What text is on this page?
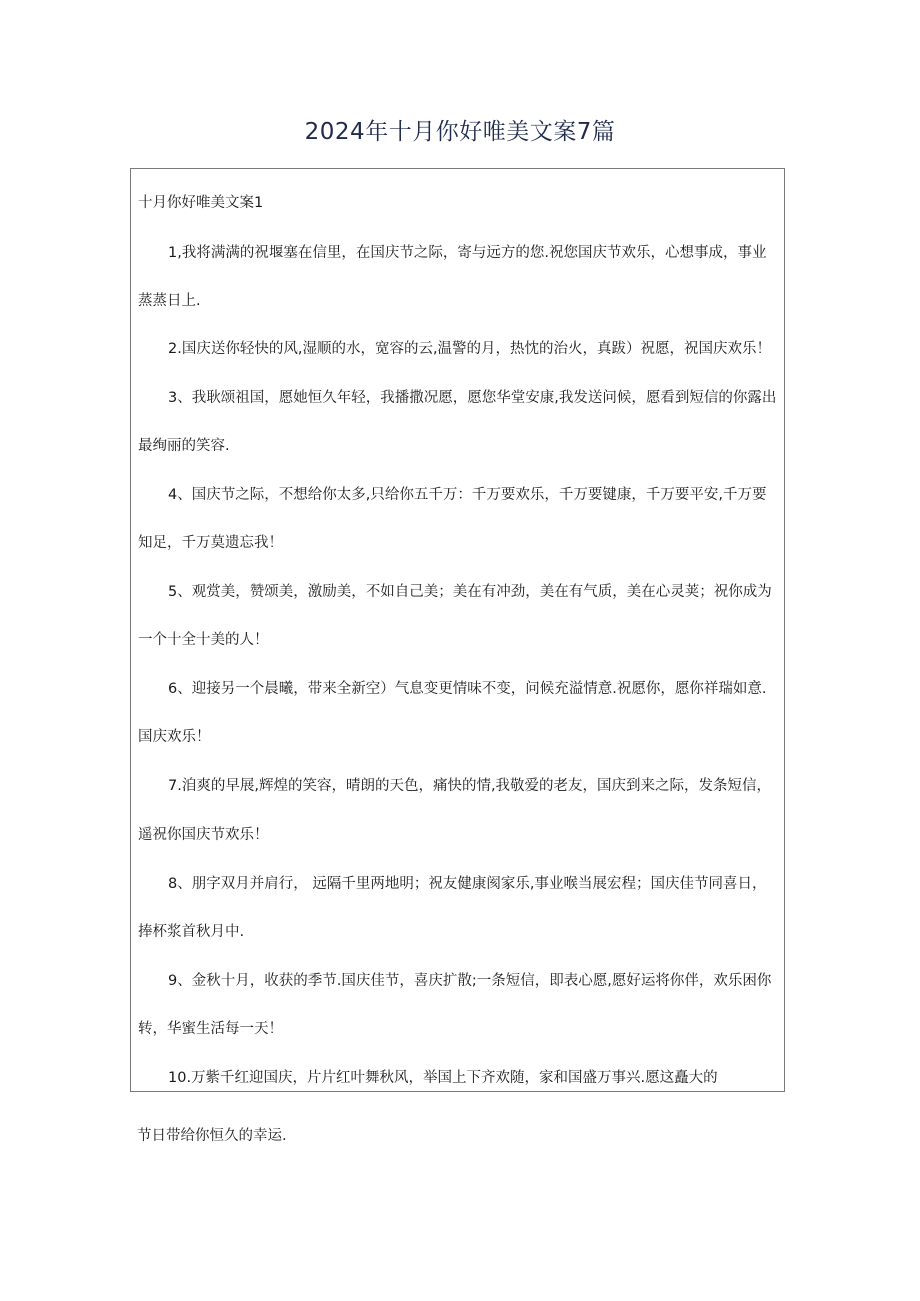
2024年十月你好唯美文案7篇
十月你好唯美文案1
1,我将满满的祝堰塞在信里，在国庆节之际，寄与远方的您.祝您国庆节欢乐，心想事成，事业
蒸蒸日上.
2.国庆送你轻快的风,湿顺的水，宽容的云,温警的月，热忱的治火，真跋）祝愿，祝国庆欢乐！
3、我耿颂祖国，愿她恒久年轻，我播撒况愿，愿您华堂安康,我发送问候，愿看到短信的你露出
最绚丽的笑容.
4、国庆节之际，不想给你太多,只给你五千万：千万要欢乐，千万要键康，千万要平安,千万要
知足，千万莫遗忘我！
5、观赏美，赞颂美，激励美，不如自己美；美在有冲劲，美在有气质，美在心灵荚；祝你成为
一个十全十美的人！
6、迎接另一个晨曦，带来全新空）气息变更情味不变，问候充溢情意.祝愿你，愿你祥瑞如意.
国庆欢乐！
7.洎爽的早展,辉煌的笑容，晴朗的天色，痛快的情,我敬爱的老友，国庆到来之际，发条短信，
遥祝你国庆节欢乐！
8、朋字双月并肩行， 远隔千里两地明；祝友健康阂家乐,事业喉当展宏程；国庆佳节同喜日，
捧杯浆首秋月中.
9、金秋十月，收获的季节.国庆佳节，喜庆扩散;一条短信，即表心愿,愿好运将你伴，欢乐困你
转，华蜜生活每一天！
10.万紫千红迎国庆，片片红叶舞秋风，举国上下齐欢随，家和国盛万事兴.愿这矗大的
节日带给你恒久的幸运.
